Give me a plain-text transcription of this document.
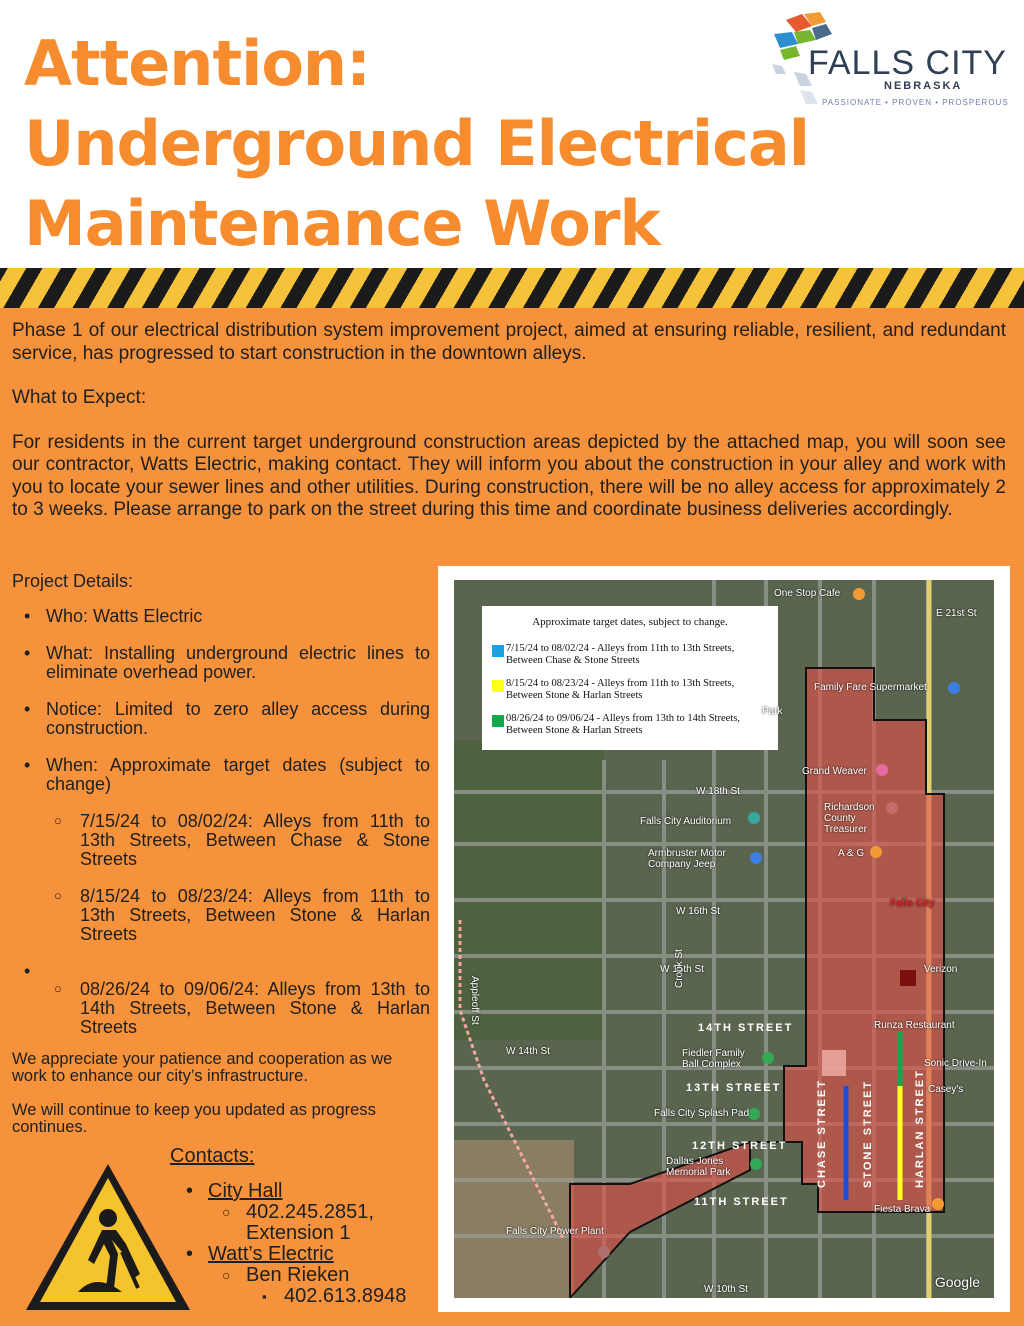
Attention:
Underground Electrical
Maintenance Work
FALLS CITY
NEBRASKA
PASSIONATE • PROVEN • PROSPEROUS

Phase 1 of our electrical distribution system improvement project, aimed at ensuring reliable, resilient, and redundant service, has progressed to start construction in the downtown alleys.

What to Expect:

For residents in the current target underground construction areas depicted by the attached map, you will soon see our contractor, Watts Electric, making contact. They will inform you about the construction in your alley and work with you to locate your sewer lines and other utilities. During construction, there will be no alley access for approximately 2 to 3 weeks. Please arrange to park on the street during this time and coordinate business deliveries accordingly.

Project Details:
• Who: Watts Electric
• What: Installing underground electric lines to eliminate overhead power.
• Notice: Limited to zero alley access during construction.
• When: Approximate target dates (subject to change)
○ 7/15/24 to 08/02/24: Alleys from 11th to 13th Streets, Between Chase & Stone Streets
○ 8/15/24 to 08/23/24: Alleys from 11th to 13th Streets, Between Stone & Harlan Streets
•
○ 08/26/24 to 09/06/24: Alleys from 13th to 14th Streets, Between Stone & Harlan Streets

We appreciate your patience and cooperation as we work to enhance our city’s infrastructure.

We will continue to keep you updated as progress continues.

Contacts:
• City Hall
○ 402.245.2851,
Extension 1
• Watt’s Electric
○ Ben Rieken
▪ 402.613.8948
Approximate target dates, subject to change.
7/15/24 to 08/02/24 - Alleys from 11th to 13th Streets, Between Chase & Stone Streets
8/15/24 to 08/23/24 - Alleys from 11th to 13th Streets, Between Stone & Harlan Streets
08/26/24 to 09/06/24 - Alleys from 13th to 14th Streets, Between Stone & Harlan Streets
14TH STREET
13TH STREET
12TH STREET
11TH STREET
CHASE STREET	STONE STREET	HARLAN STREET
One Stop Cafe
Family Fare Supermarket
Grand Weaver
Richardson County Treasurer
Falls City Auditorium
Armbruster Motor Company Jeep
A & G
Falls City
Verizon
Runza Restaurant
Sonic Drive-In
Casey's
Fiedler Family Ball Complex
Falls City Splash Pad
Dallas Jones Memorial Park
Falls City Power Plant
Fiesta Brava
W 18th St
W 16th St
W 15th St
W 14th St
W 10th St
E 21st St
Appleoff St
Crook St
Park
Google
